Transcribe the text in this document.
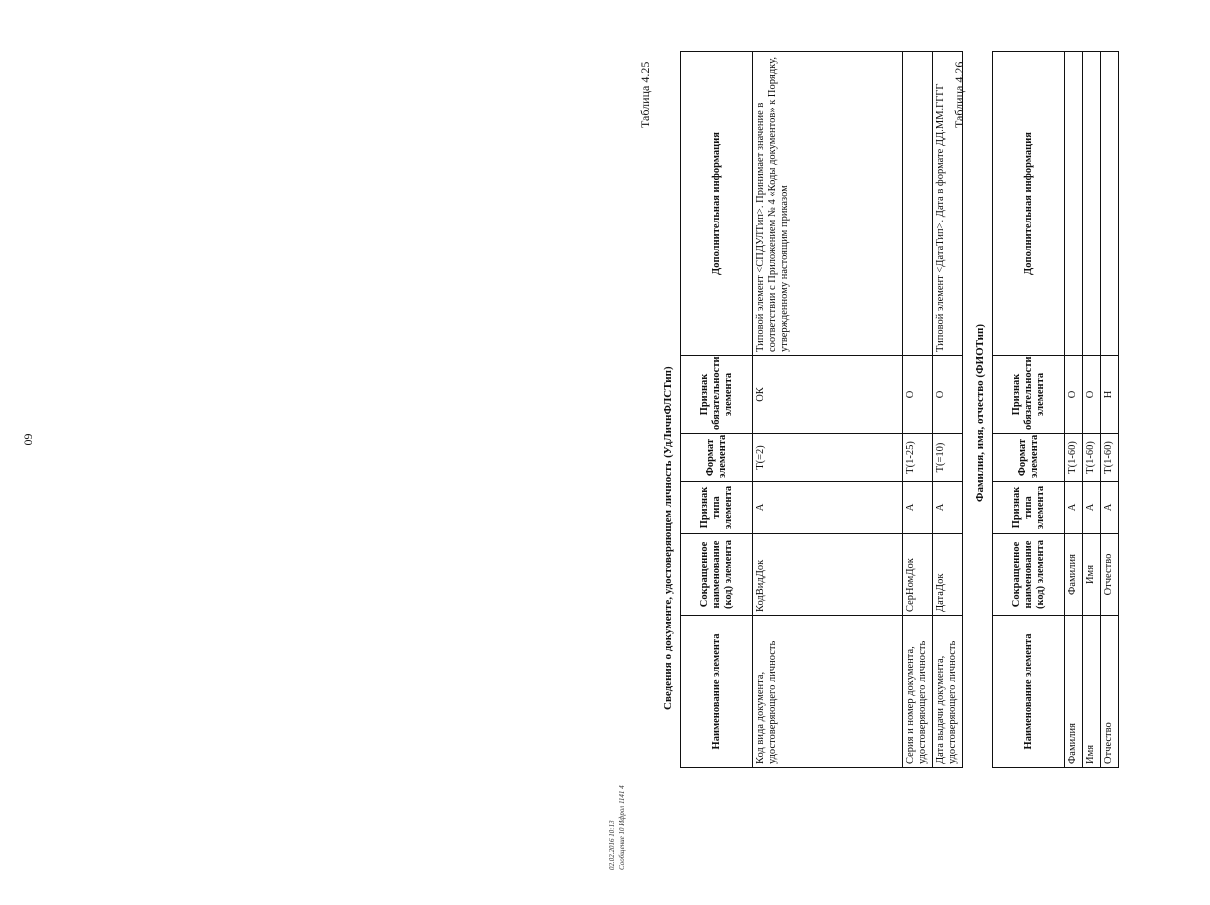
60
Таблица 4.25
Сведения о документе, удостоверяющем личность (УдЛичнФЛСТип)	Наименование элемента	Сокращенное наименование (код) элемента	Признак типа элемента	Формат элемента	Признак обязательности элемента	Дополнительная информация
Код вида документа, удостоверяющего личность	КодВидДок	А	Т(=2)	ОК	Типовой элемент <СПДУЛТип>. Принимает значение в соответствии с Приложением № 4 «Коды документов» к Порядку, утвержденному настоящим приказом
Серия и номер документа, удостоверяющего личность	СерНомДок	А	Т(1-25)	О	
Дата выдачи документа, удостоверяющего личность	ДатаДок	А	Т(=10)	О	Типовой элемент <ДатаТип>. Дата в формате ДД.ММ.ГГГГ Таблица 4.26
Фамилия, имя, отчество (ФИОТип)
Наименование элемента	Сокращенное наименование (код) элемента	Признак типа элемента	Формат элемента	Признак обязательности элемента	Дополнительная информация
Фамилия	Фамилия	А	Т(1-60)	О	
Имя	Имя	А	Т(1-60)	О	
Отчество	Отчество	А	Т(1-60)	Н	
02.02.2016 10:13 Сообщение 10 Ифрол 1141 4
